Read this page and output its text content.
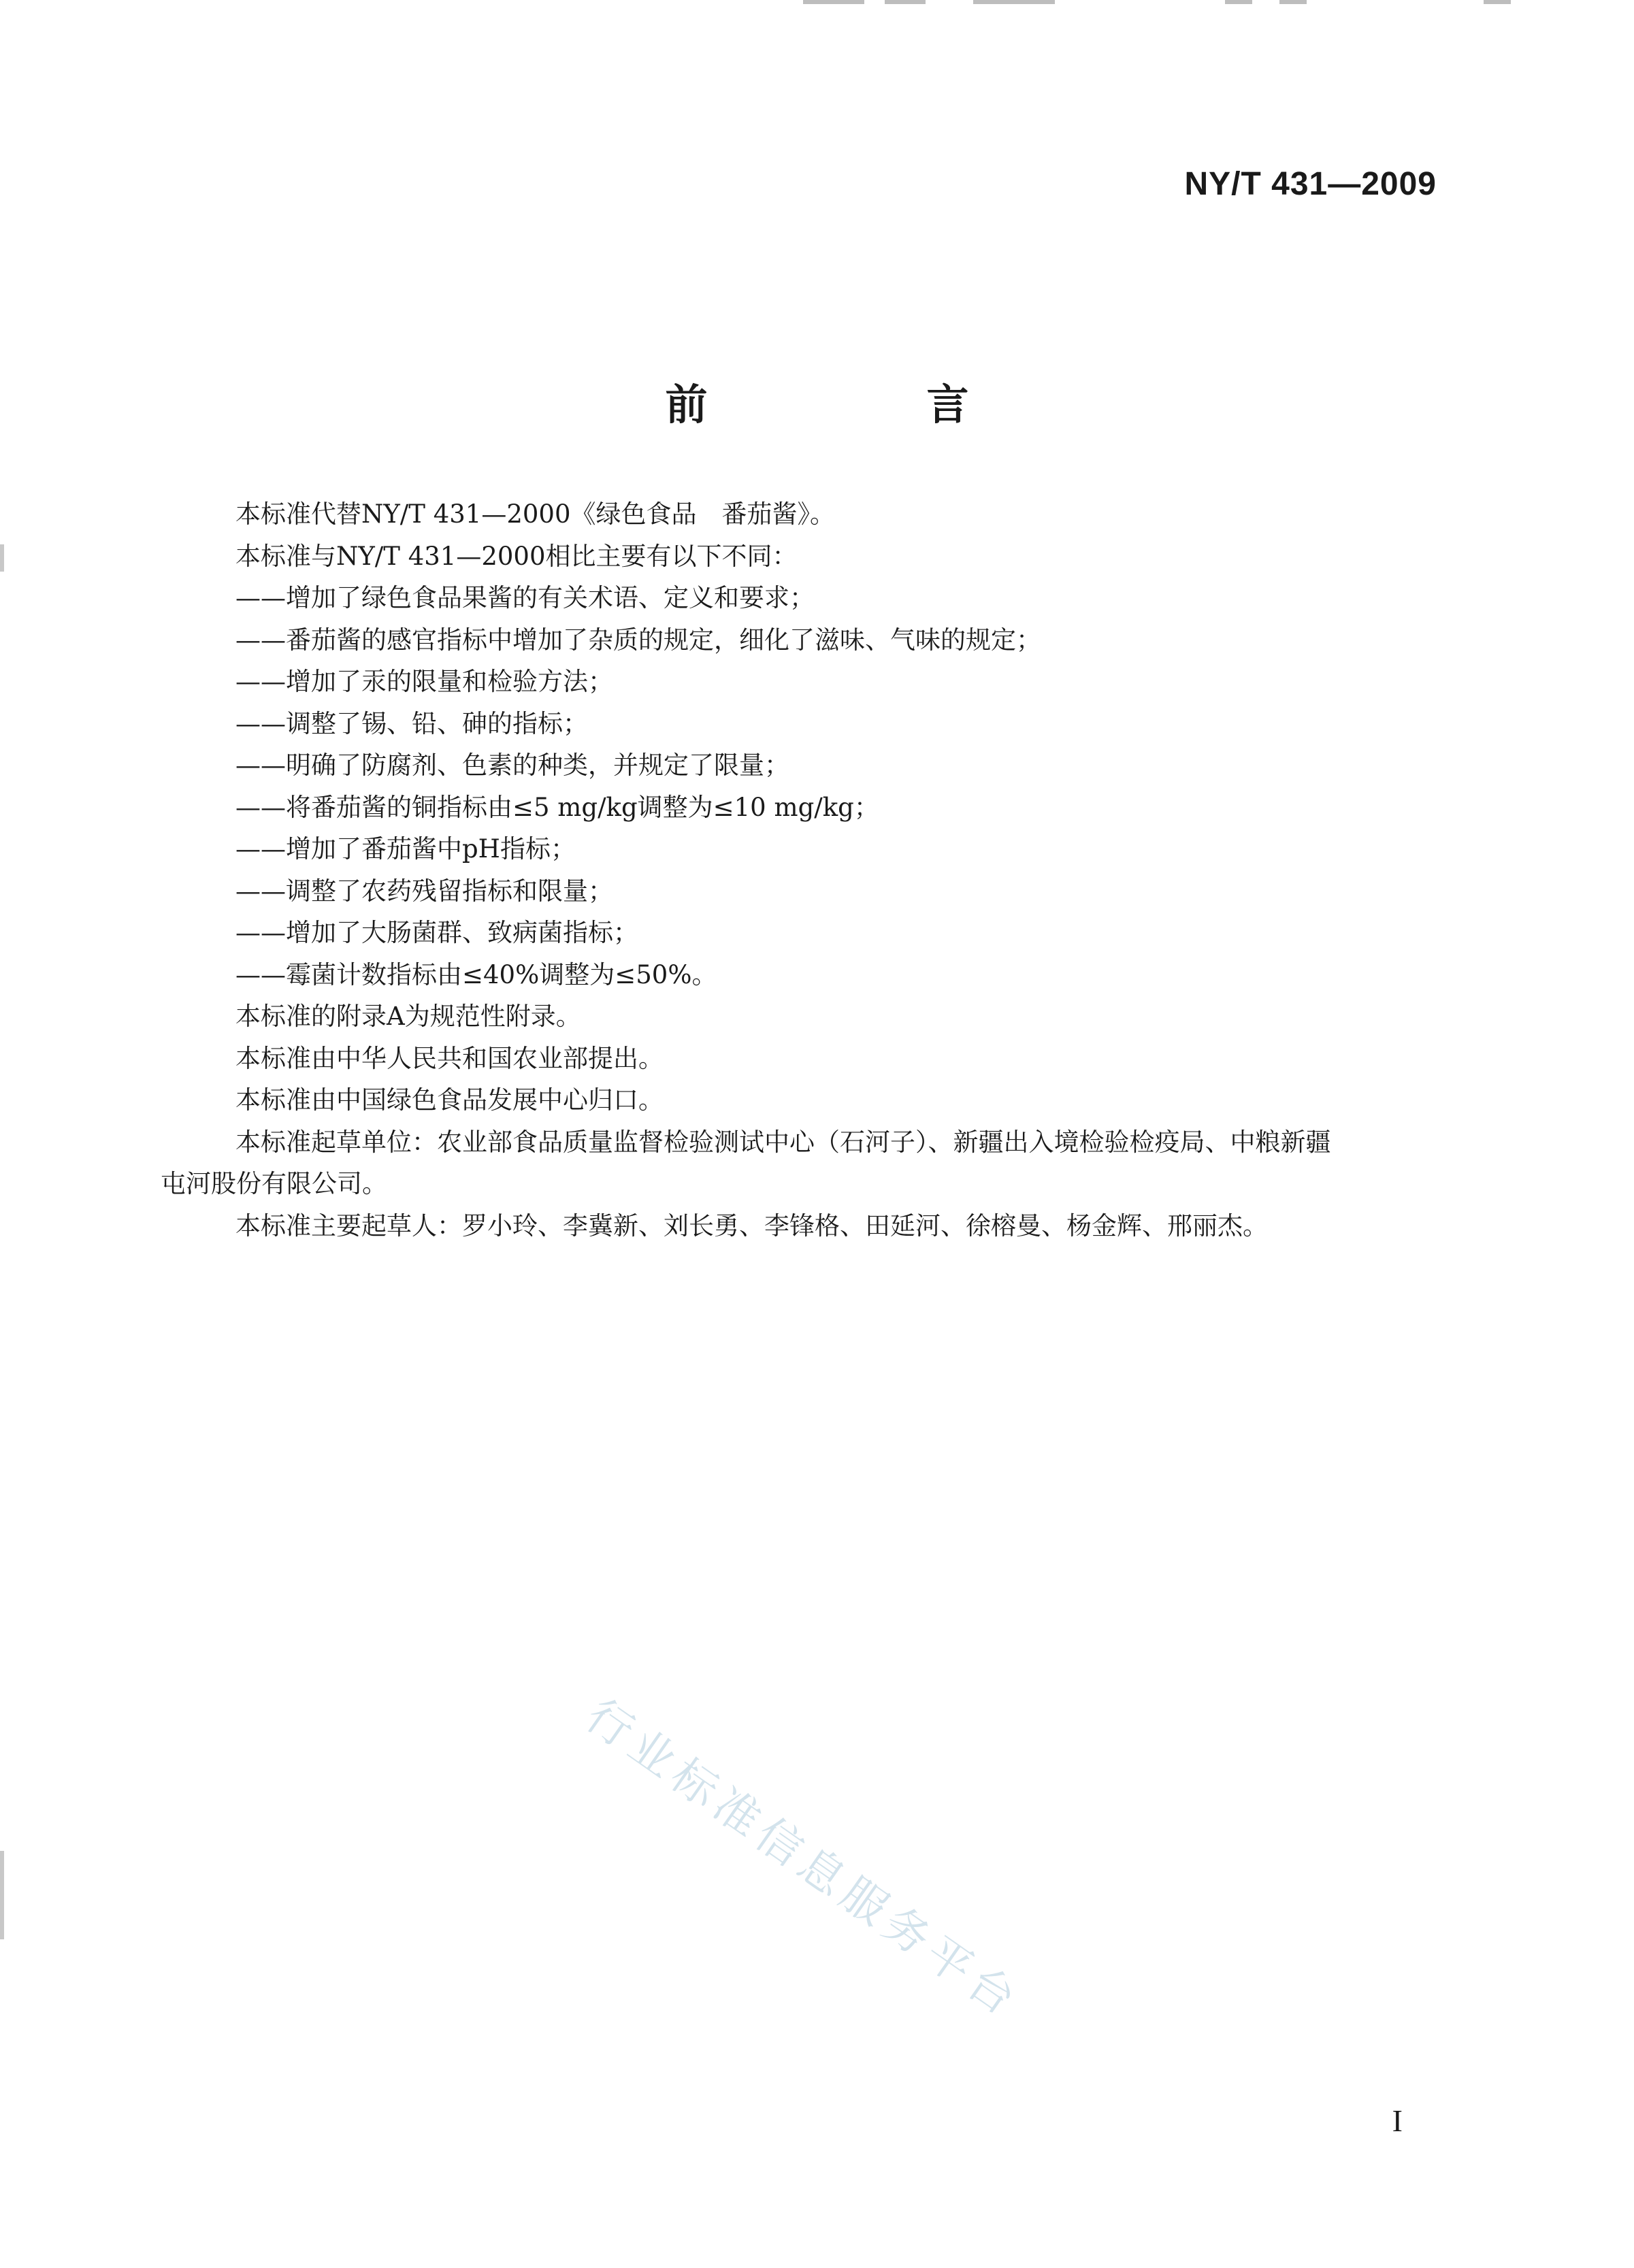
NY/T 431—2009
前　言

本标准代替NY/T 431—2000《绿色食品　番茄酱》。

本标准与NY/T 431—2000相比主要有以下不同：

——增加了绿色食品果酱的有关术语、定义和要求；

——番茄酱的感官指标中增加了杂质的规定，细化了滋味、气味的规定；

——增加了汞的限量和检验方法；

——调整了锡、铅、砷的指标；

——明确了防腐剂、色素的种类，并规定了限量；

——将番茄酱的铜指标由≤5 mg/kg调整为≤10 mg/kg；

——增加了番茄酱中pH指标；

——调整了农药残留指标和限量；

——增加了大肠菌群、致病菌指标；

——霉菌计数指标由≤40%调整为≤50%。

本标准的附录A为规范性附录。

本标准由中华人民共和国农业部提出。

本标准由中国绿色食品发展中心归口。

本标准起草单位：农业部食品质量监督检验测试中心（石河子）、新疆出入境检验检疫局、中粮新疆
屯河股份有限公司。

本标准主要起草人：罗小玲、李冀新、刘长勇、李锋格、田延河、徐榕曼、杨金辉、邢丽杰。

行业标准信息服务平台
I
